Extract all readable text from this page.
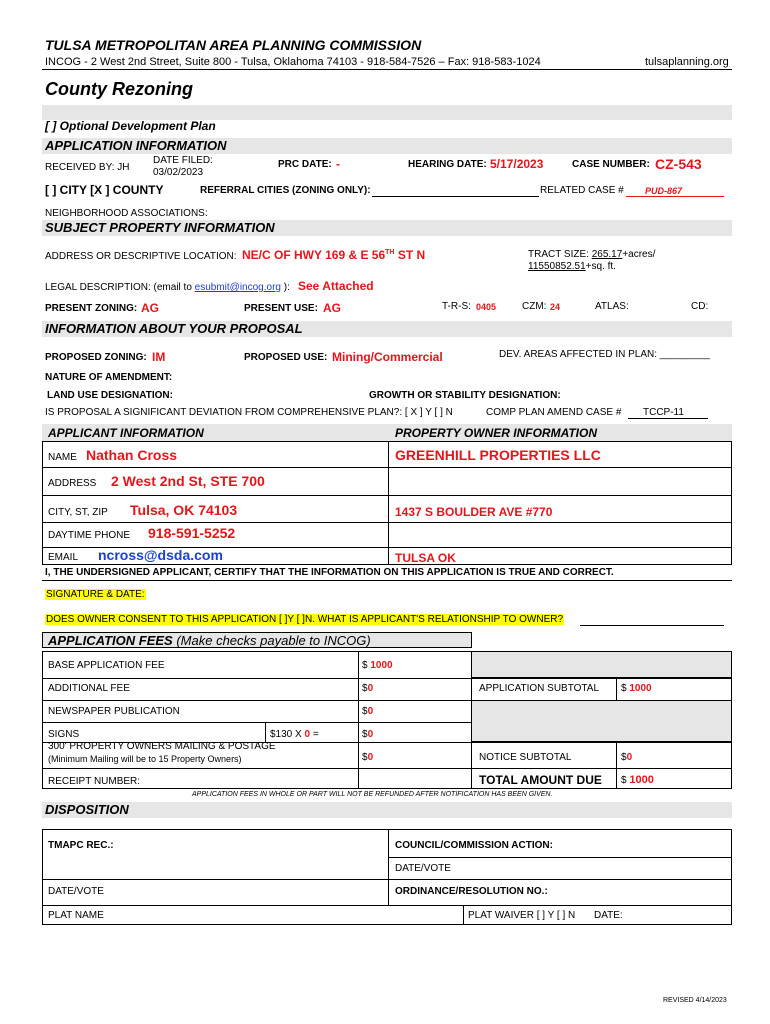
TULSA METROPOLITAN AREA PLANNING COMMISSION
INCOG - 2 West 2nd Street, Suite 800 - Tulsa, Oklahoma 74103 - 918-584-7526 – Fax: 918-583-1024	tulsaplanning.org
County Rezoning
[ ] Optional Development Plan
APPLICATION INFORMATION
RECEIVED BY: JH
DATE FILED:
03/02/2023
PRC DATE: -	HEARING DATE: 5/17/2023	CASE NUMBER: CZ-543
[ ] CITY [X ] COUNTY	REFERRAL CITIES (ZONING ONLY):	RELATED CASE # PUD-867
NEIGHBORHOOD ASSOCIATIONS:
SUBJECT PROPERTY INFORMATION
ADDRESS OR DESCRIPTIVE LOCATION: NE/C OF HWY 169 & E 56TH ST N	TRACT SIZE: 265.17+acres/
11550852.51+sq. ft.
LEGAL DESCRIPTION: (email to esubmit@incog.org ): See Attached
PRESENT ZONING: AG	PRESENT USE: AG	T-R-S: 0405	CZM: 24	ATLAS:	CD:
INFORMATION ABOUT YOUR PROPOSAL
PROPOSED ZONING: IM	PROPOSED USE: Mining/Commercial	DEV. AREAS AFFECTED IN PLAN: _________
NATURE OF AMENDMENT:
LAND USE DESIGNATION:	GROWTH OR STABILITY DESIGNATION:
IS PROPOSAL A SIGNIFICANT DEVIATION FROM COMPREHENSIVE PLAN?: [ X ] Y [ ] N	COMP PLAN AMEND CASE # TCCP-11
APPLICANT INFORMATION	PROPERTY OWNER INFORMATION
NAME Nathan Cross	GREENHILL PROPERTIES LLC
ADDRESS 2 West 2nd St, STE 700
CITY, ST, ZIP Tulsa, OK 74103	1437 S BOULDER AVE #770
DAYTIME PHONE 918-591-5252
EMAIL ncross@dsda.com	TULSA OK
I, THE UNDERSIGNED APPLICANT, CERTIFY THAT THE INFORMATION ON THIS APPLICATION IS TRUE AND CORRECT.
SIGNATURE & DATE:
DOES OWNER CONSENT TO THIS APPLICATION [ ]Y [ ]N. WHAT IS APPLICANT'S RELATIONSHIP TO OWNER?
APPLICATION FEES (Make checks payable to INCOG)
BASE APPLICATION FEE	$ 1000
ADDITIONAL FEE	$0	APPLICATION SUBTOTAL $ 1000
NEWSPAPER PUBLICATION	$0
SIGNS	$130 X 0 =	$0
300' PROPERTY OWNERS MAILING & POSTAGE
(Minimum Mailing will be to 15 Property Owners)	$0	NOTICE SUBTOTAL	$0
RECEIPT NUMBER:	TOTAL AMOUNT DUE $ 1000
APPLICATION FEES IN WHOLE OR PART WILL NOT BE REFUNDED AFTER NOTIFICATION HAS BEEN GIVEN.
DISPOSITION
TMAPC REC.:	COUNCIL/COMMISSION ACTION:
DATE/VOTE
DATE/VOTE	ORDINANCE/RESOLUTION NO.:
PLAT NAME	PLAT WAIVER [ ] Y [ ] N DATE:
REVISED 4/14/2023
